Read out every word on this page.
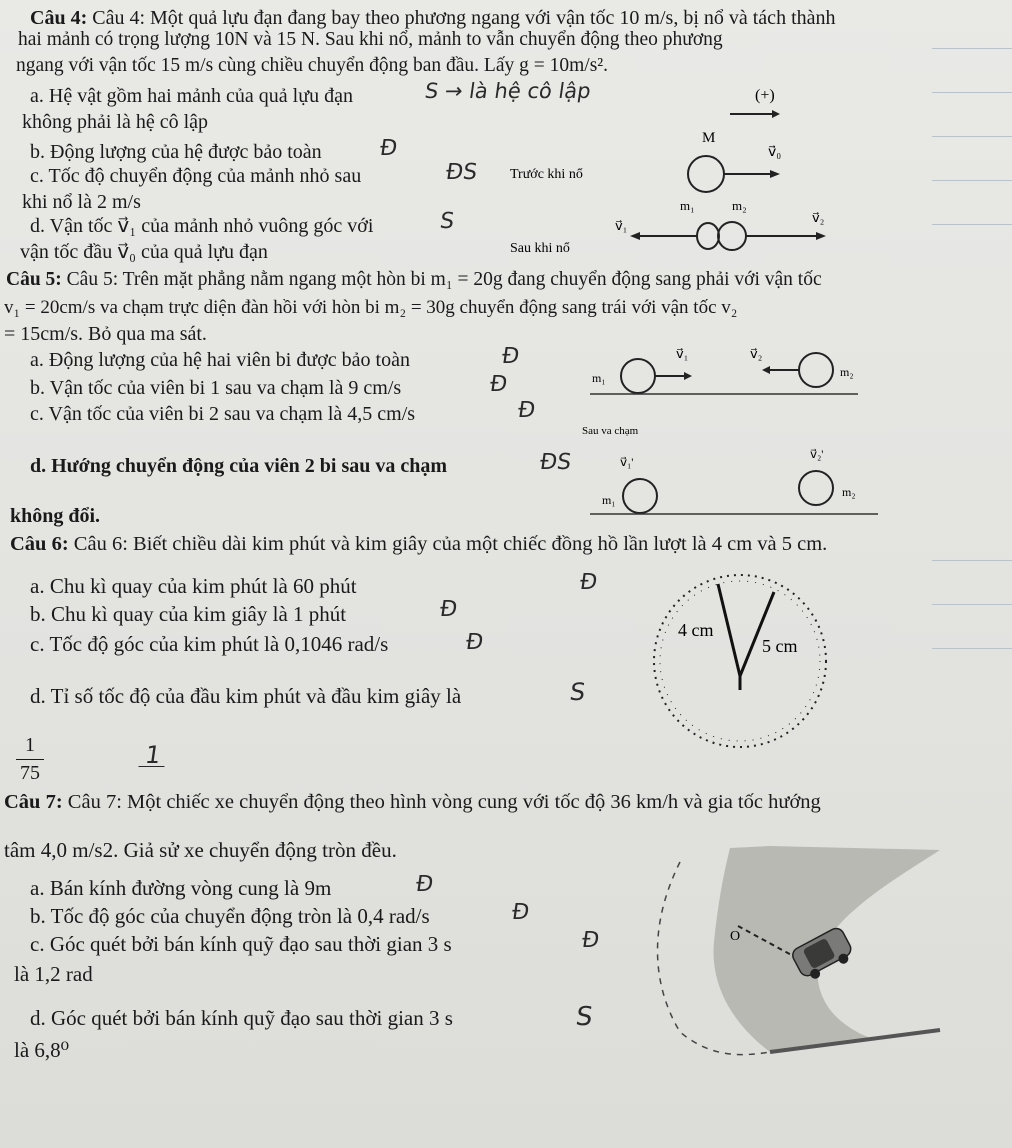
Câu 4: Câu 4: Một quả lựu đạn đang bay theo phương ngang với vận tốc 10 m/s, bị nổ và tách thành
hai mảnh có trọng lượng 10N và 15 N. Sau khi nổ, mảnh to vẫn chuyển động theo phương
ngang với vận tốc 15 m/s cùng chiều chuyển động ban đầu. Lấy g = 10m/s².
a. Hệ vật gồm hai mảnh của quả lựu đạn	S → là hệ cô lập
không phải là hệ cô lập
b. Động lượng của hệ được bảo toàn	Đ
c. Tốc độ chuyển động của mảnh nhỏ sau	ĐS
khi nổ là 2 m/s
d. Vận tốc v⃗₁ của mảnh nhỏ vuông góc với	S
vận tốc đầu v⃗₀ của quả lựu đạn
(+)
M
v⃗₀
Trước khi nổ
m₁	m₂
v⃗₁
v⃗₂
Sau khi nổ
Câu 5: Câu 5: Trên mặt phẳng nằm ngang một hòn bi m₁ = 20g đang chuyển động sang phải với vận tốc
v₁ = 20cm/s va chạm trực diện đàn hồi với hòn bi m₂ = 30g chuyển động sang trái với vận tốc v₂
= 15cm/s. Bỏ qua ma sát.
a. Động lượng của hệ hai viên bi được bảo toàn	Đ
b. Vận tốc của viên bi 1 sau va chạm là 9 cm/s	Đ
c. Vận tốc của viên bi 2 sau va chạm là 4,5 cm/s	Đ
d. Hướng chuyển động của viên 2 bi sau va chạm	ĐS
không đổi.
v⃗₁	v⃗₂
m₁	m₂
Sau va chạm
v⃗₁'
v⃗₂'
m₁
m₂
Câu 6: Câu 6: Biết chiều dài kim phút và kim giây của một chiếc đồng hồ lần lượt là 4 cm và 5 cm.
a. Chu kì quay của kim phút là 60 phút	Đ
b. Chu kì quay của kim giây là 1 phút	Đ
c. Tốc độ góc của kim phút là 0,1046 rad/s	Đ
d. Tỉ số tốc độ của đầu kim phút và đầu kim giây là	S
1
75
1
4 cm
5 cm
Câu 7: Câu 7: Một chiếc xe chuyển động theo hình vòng cung với tốc độ 36 km/h và gia tốc hướng
tâm 4,0 m/s2. Giả sử xe chuyển động tròn đều.
a. Bán kính đường vòng cung là 9m	Đ
b. Tốc độ góc của chuyển động tròn là 0,4 rad/s	Đ
c. Góc quét bởi bán kính quỹ đạo sau thời gian 3 s	Đ
là 1,2 rad
d. Góc quét bởi bán kính quỹ đạo sau thời gian 3 s	S
là 6,8⁰
O
